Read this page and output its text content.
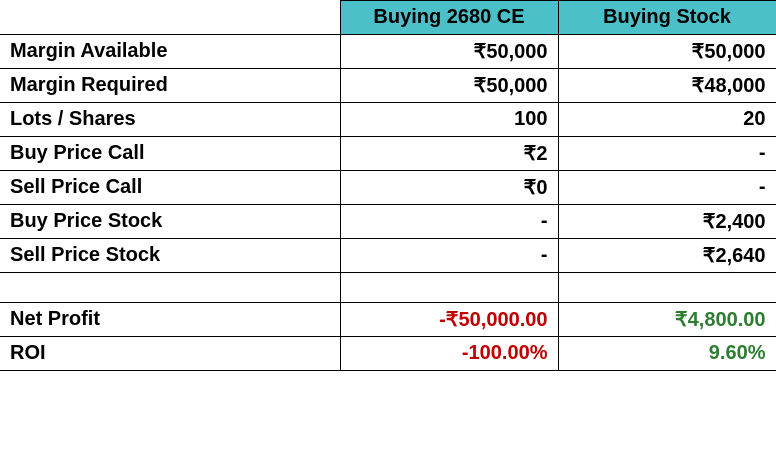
	Buying 2680 CE	Buying Stock
Margin Available	₹50,000	₹50,000
Margin Required	₹50,000	₹48,000
Lots / Shares	100	20
Buy Price Call	₹2	-
Sell Price Call	₹0	-
Buy Price Stock	-	₹2,400
Sell Price Stock	-	₹2,640

Net Profit	-₹50,000.00	₹4,800.00
ROI	-100.00%	9.60%
